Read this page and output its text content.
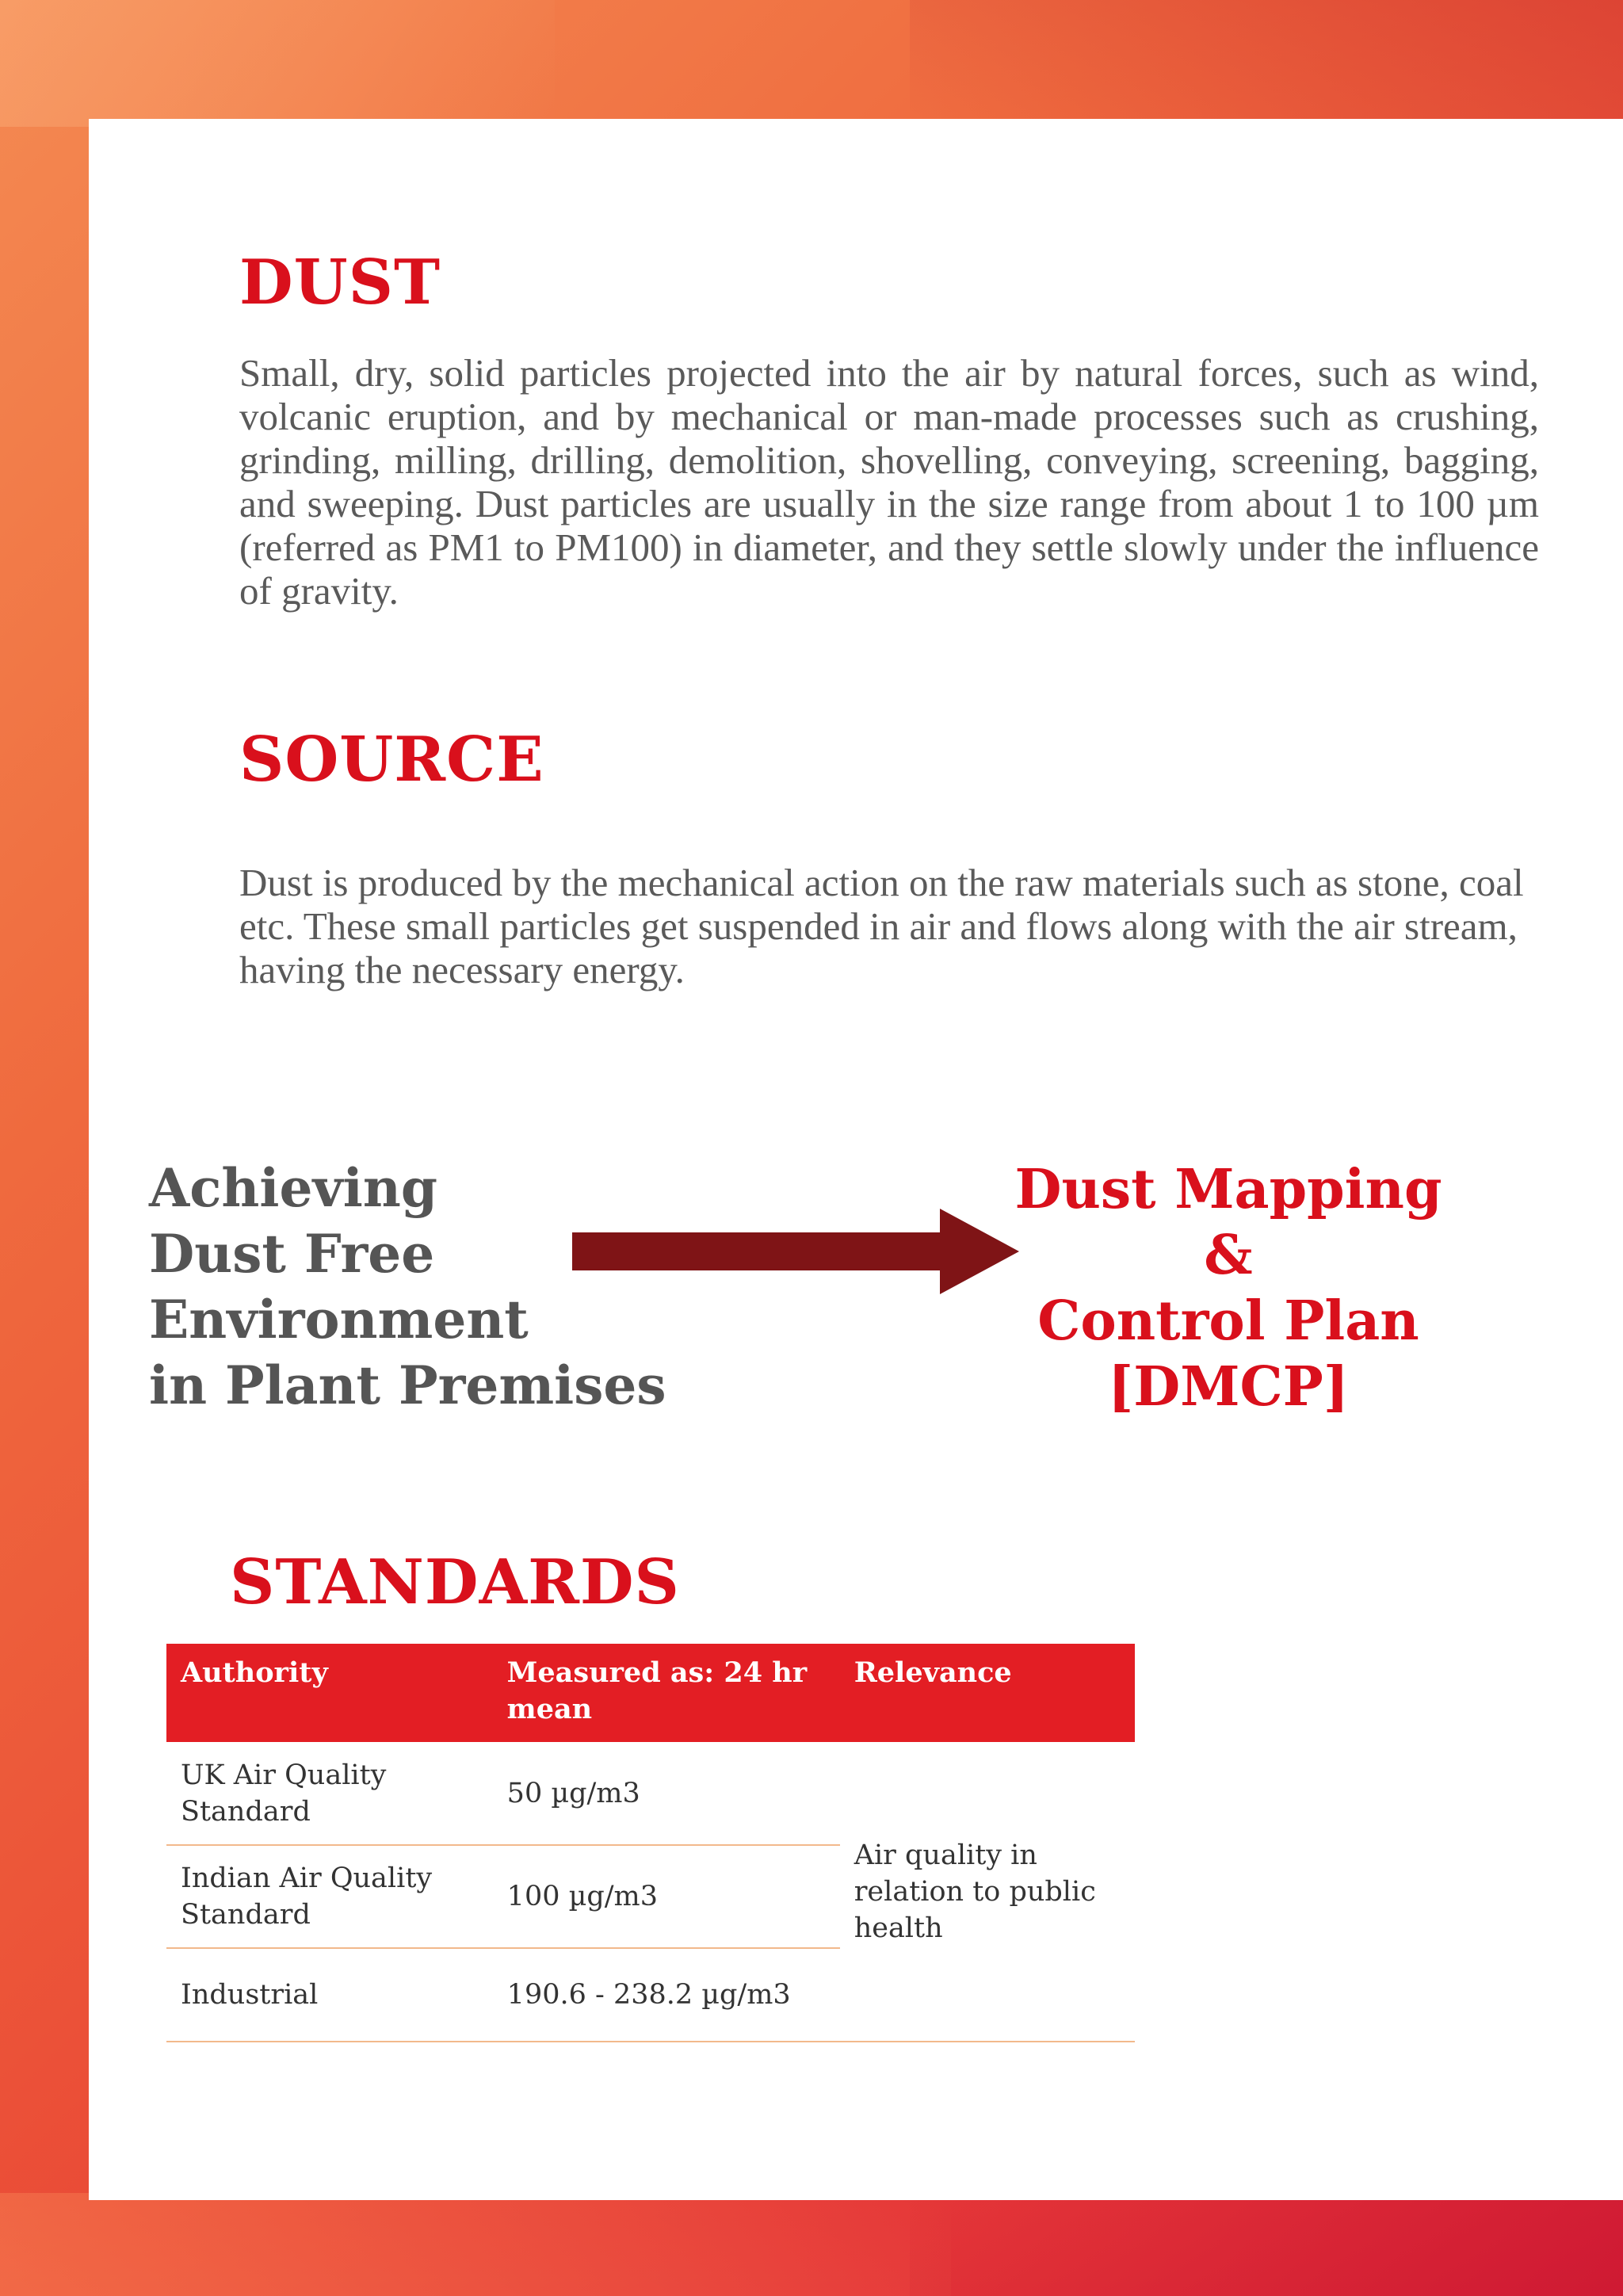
DUST

Small, dry, solid particles projected into the air by natural forces, such as wind, volcanic eruption, and by mechanical or man-made processes such as crushing, grinding, milling, drilling, demolition, shovelling, conveying, screening, bagging, and sweeping. Dust particles are usually in the size range from about 1 to 100 µm (referred as PM1 to PM100) in diameter, and they settle slowly under the influence of gravity.

SOURCE

Dust is produced by the mechanical action on the raw materials such as stone, coal etc. These small particles get suspended in air and flows along with the air stream, having the necessary energy.

Achieving
Dust Free
Environment
in Plant Premises
Dust Mapping
&
Control Plan
[DMCP]
STANDARDS
Authority	Measured as: 24 hr mean	Relevance
UK Air Quality Standard	50 µg/m3	Air quality in relation to public health
Indian Air Quality Standard	100 µg/m3	
Industrial	190.6 - 238.2 µg/m3	
